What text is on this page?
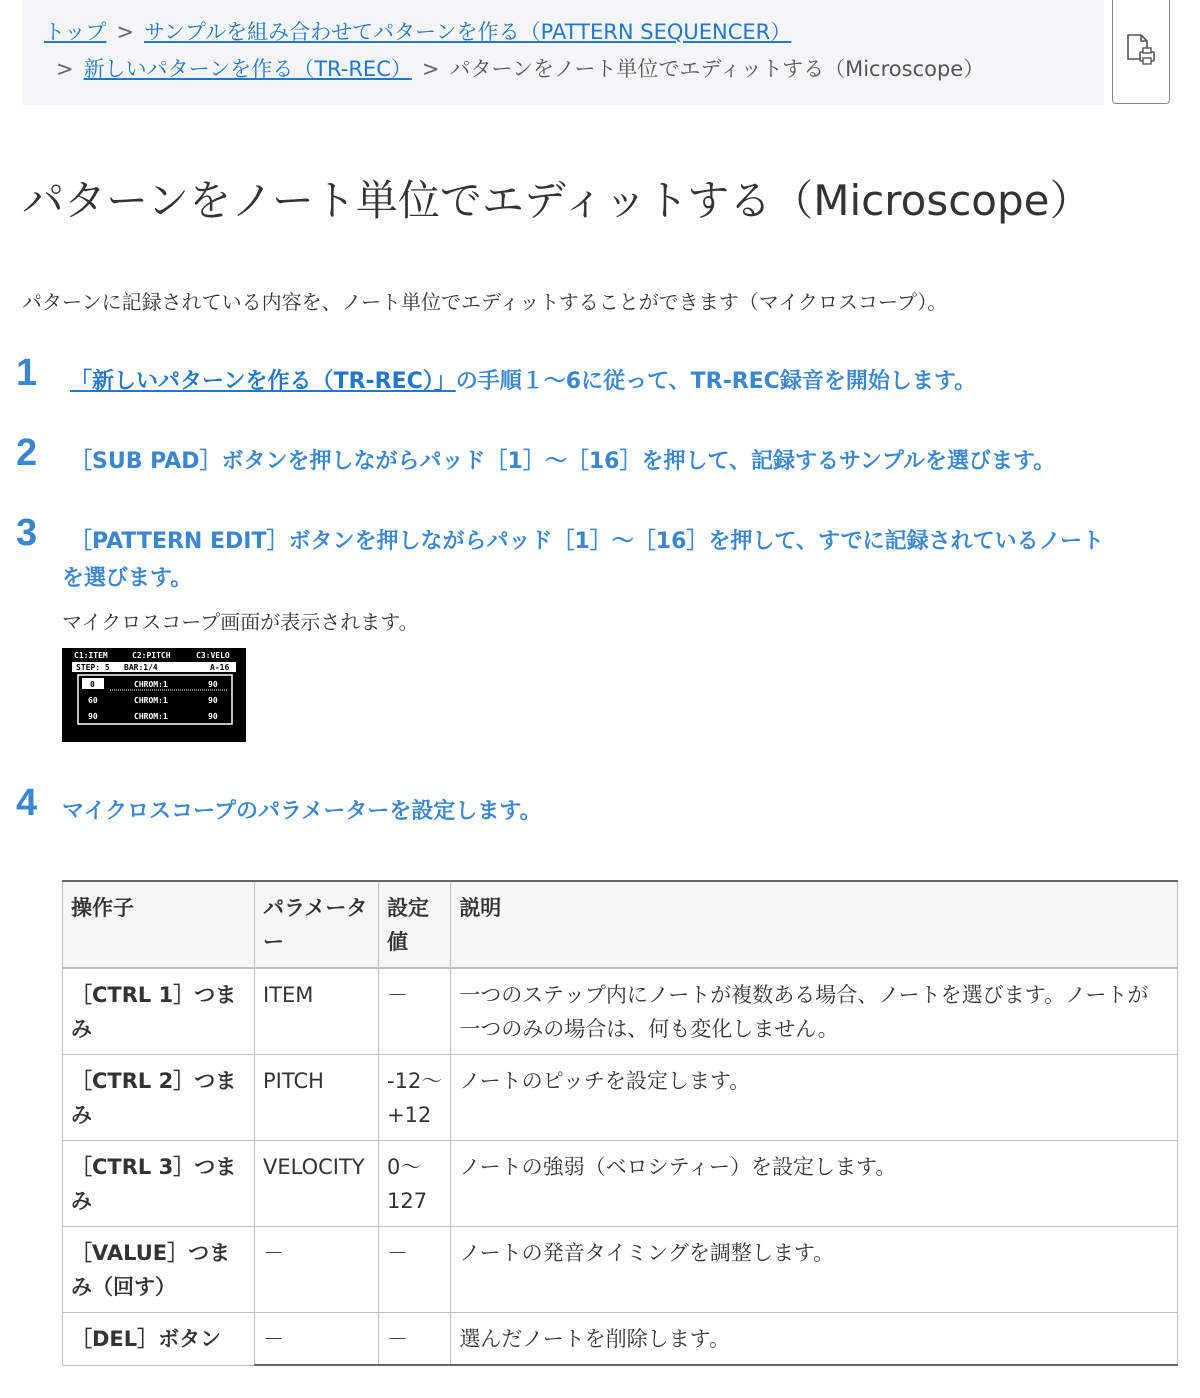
トップ > サンプルを組み合わせてパターンを作る（PATTERN SEQUENCER）
> 新しいパターンを作る（TR-REC） > パターンをノート単位でエディットする（Microscope）
パターンをノート単位でエディットする（Microscope）

パターンに記録されている内容を、ノート単位でエディットすることができます（マイクロスコープ）。

1 「新しいパターンを作る（TR-REC）」の手順１〜6に従って、TR-REC録音を開始します。
2 ［SUB PAD］ボタンを押しながらパッド［1］〜［16］を押して、記録するサンプルを選びます。
3 ［PATTERN EDIT］ボタンを押しながらパッド［1］〜［16］を押して、すでに記録されているノート
を選びます。

マイクロスコープ画面が表示されます。

C1:ITEM	C2:PITCH	C3:VELO
STEP: 5 BAR:1/4	A-16
0	CHROM:1	90
60	CHROM:1	90
90	CHROM:1	90
4 マイクロスコープのパラメーターを設定します。
操作子	パラメーター	設定値	説明
［CTRL 1］つまみ	ITEM	－	一つのステップ内にノートが複数ある場合、ノートを選びます。ノートが一つのみの場合は、何も変化しません。
［CTRL 2］つまみ	PITCH	-12〜+12	ノートのピッチを設定します。
［CTRL 3］つまみ	VELOCITY	0〜127	ノートの強弱（ベロシティー）を設定します。
［VALUE］つまみ（回す）	－	－	ノートの発音タイミングを調整します。
［DEL］ボタン	－	－	選んだノートを削除します。
